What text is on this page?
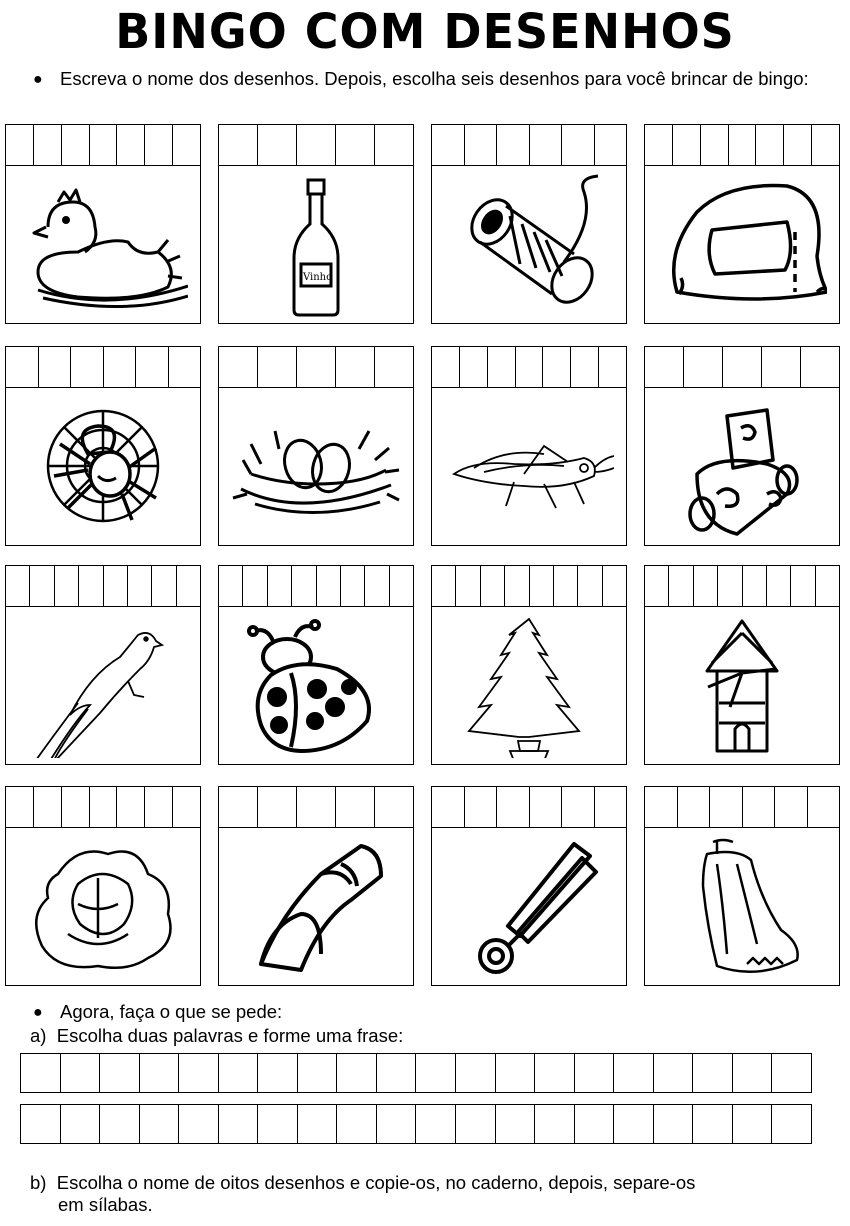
BINGO COM DESENHOS
● Escreva o nome dos desenhos. Depois, escolha seis desenhos para você brincar de bingo:
Vinho
● Agora, faça o que se pede:
a)  Escolha duas palavras e forme uma frase:
b)  Escolha o nome de oitos desenhos e copie-os, no caderno, depois, separe-os
em sílabas.
